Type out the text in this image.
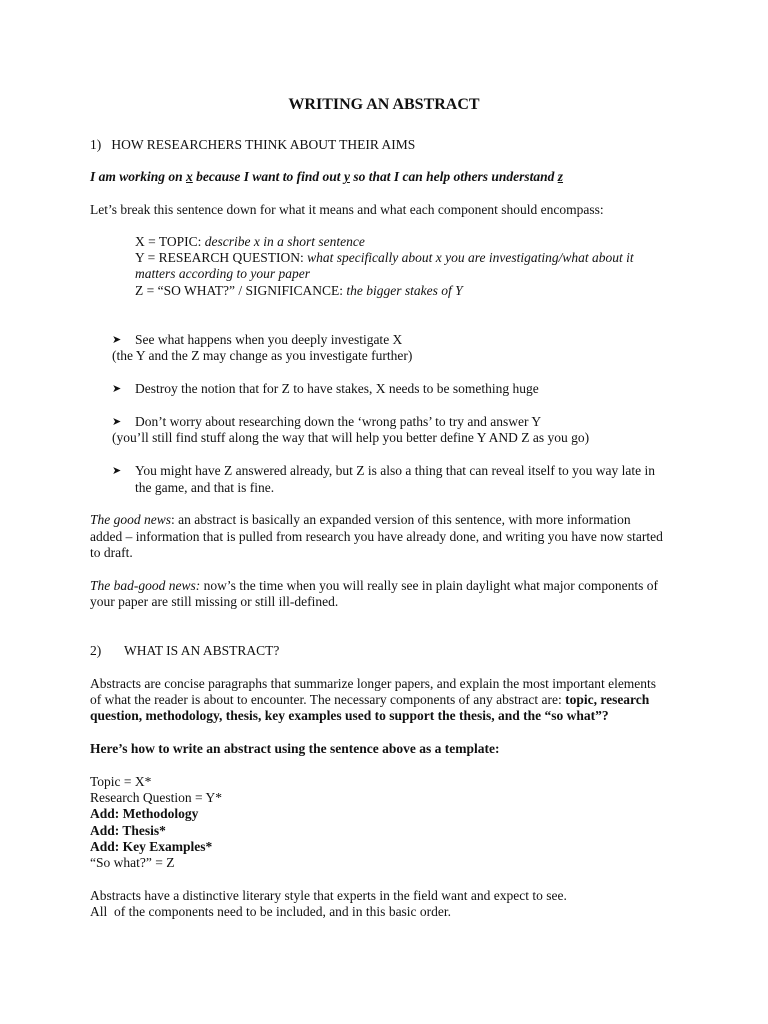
WRITING AN ABSTRACT
1)   HOW RESEARCHERS THINK ABOUT THEIR AIMS
I am working on x because I want to find out y so that I can help others understand z
Let’s break this sentence down for what it means and what each component should encompass:
X = TOPIC: describe x in a short sentence
Y = RESEARCH QUESTION: what specifically about x you are investigating/what about it
matters according to your paper
Z = “SO WHAT?” / SIGNIFICANCE: the bigger stakes of Y
➤ See what happens when you deeply investigate X
(the Y and the Z may change as you investigate further)
➤ Destroy the notion that for Z to have stakes, X needs to be something huge
➤ Don’t worry about researching down the ‘wrong paths’ to try and answer Y
(you’ll still find stuff along the way that will help you better define Y AND Z as you go)
➤ You might have Z answered already, but Z is also a thing that can reveal itself to you way late in
the game, and that is fine.
The good news: an abstract is basically an expanded version of this sentence, with more information
added – information that is pulled from research you have already done, and writing you have now started
to draft.
The bad-good news: now’s the time when you will really see in plain daylight what major components of
your paper are still missing or still ill-defined.
2) WHAT IS AN ABSTRACT?
Abstracts are concise paragraphs that summarize longer papers, and explain the most important elements
of what the reader is about to encounter. The necessary components of any abstract are: topic, research
question, methodology, thesis, key examples used to support the thesis, and the “so what”?
Here’s how to write an abstract using the sentence above as a template:
Topic = X*
Research Question = Y*
Add: Methodology
Add: Thesis*
Add: Key Examples*
“So what?” = Z
Abstracts have a distinctive literary style that experts in the field want and expect to see.
All  of the components need to be included, and in this basic order.
